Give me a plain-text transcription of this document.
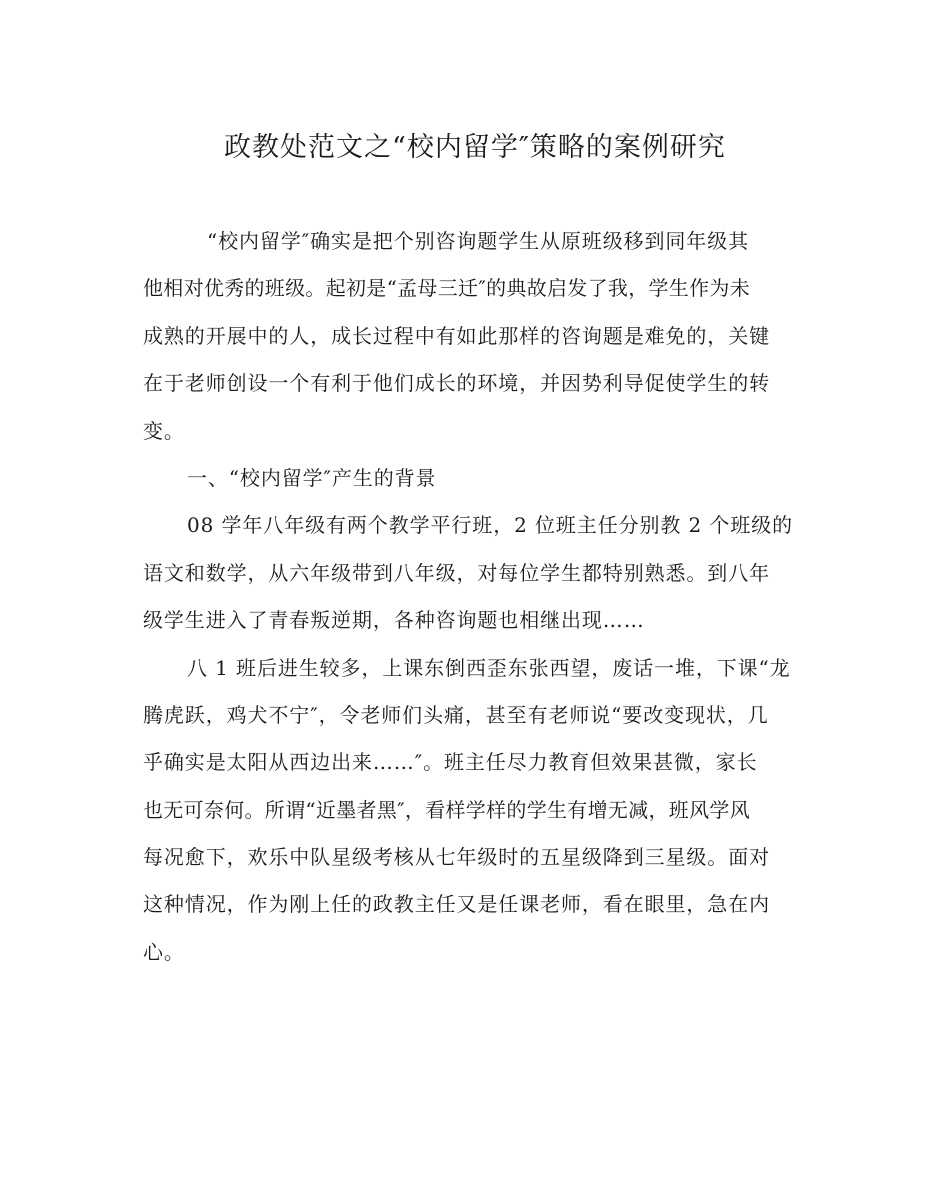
政教处范文之“校内留学″策略的案例研究
“校内留学″确实是把个别咨询题学生从原班级移到同年级其
他相对优秀的班级。起初是“孟母三迁″的典故启发了我，学生作为未
成熟的开展中的人，成长过程中有如此那样的咨询题是难免的，关键
在于老师创设一个有利于他们成长的环境，并因势利导促使学生的转
变。
一、“校内留学″产生的背景
08 学年八年级有两个教学平行班，2 位班主任分别教 2 个班级的
语文和数学，从六年级带到八年级，对每位学生都特别熟悉。到八年
级学生进入了青春叛逆期，各种咨询题也相继出现……
八 1 班后进生较多，上课东倒西歪东张西望，废话一堆，下课“龙
腾虎跃，鸡犬不宁″，令老师们头痛，甚至有老师说“要改变现状，几
乎确实是太阳从西边出来……″。班主任尽力教育但效果甚微，家长
也无可奈何。所谓“近墨者黑″，看样学样的学生有增无减，班风学风
每况愈下，欢乐中队星级考核从七年级时的五星级降到三星级。面对
这种情况，作为刚上任的政教主任又是任课老师，看在眼里，急在内
心。
